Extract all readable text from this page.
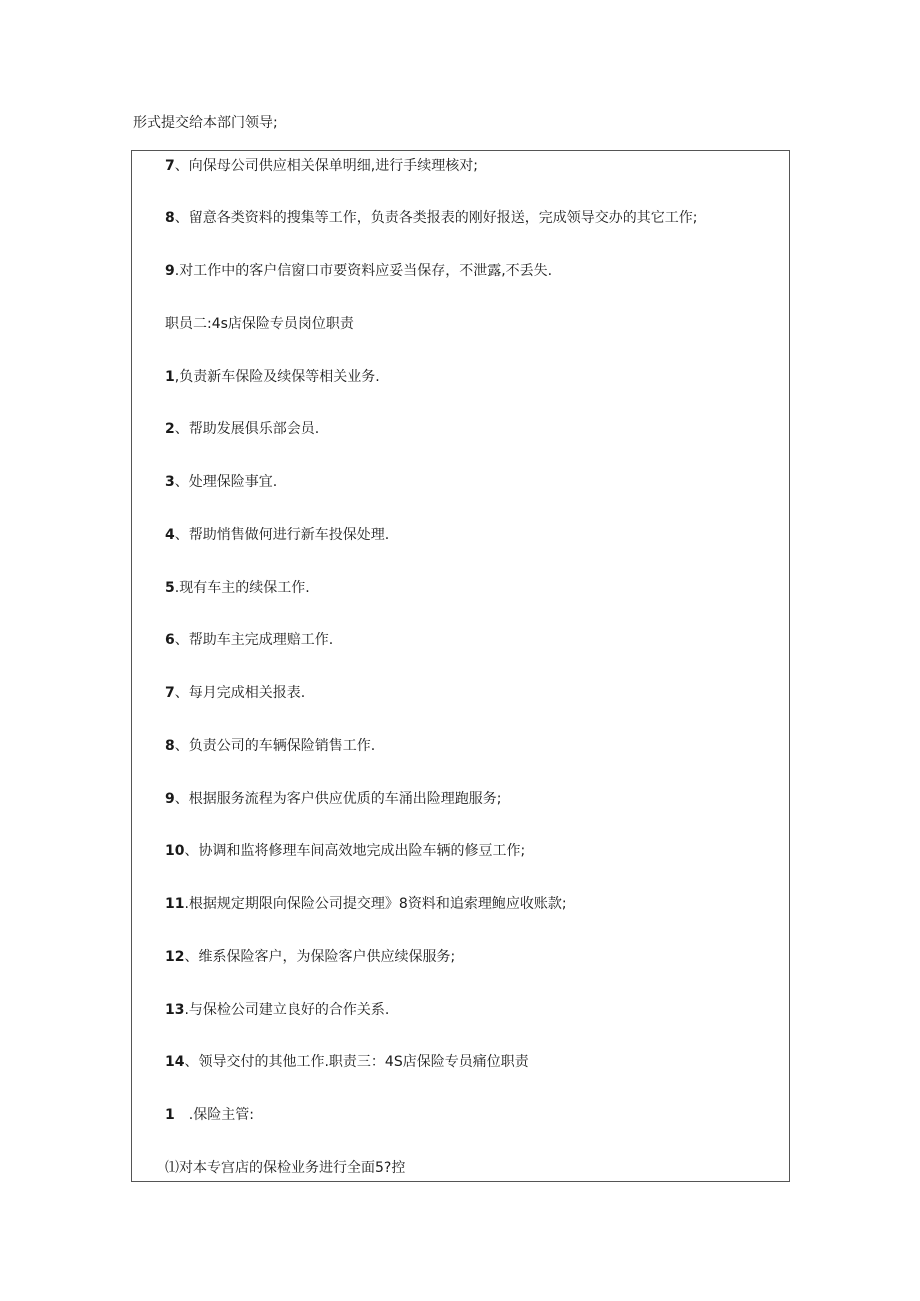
形式提交给本部门领导;
7、向保母公司供应相关保单明细,进行手续理核对;
8、留意各类资料的搜集等工作，负责各类报表的刚好报送，完成领导交办的其它工作;
9.对工作中的客户信窗口市要资料应妥当保存，不泄露,不丢失.
职员二:4s店保险专员岗位职责
1,负责新车保险及续保等相关业务.
2、帮助发展俱乐部会员.
3、处理保险事宜.
4、帮助悄售做何进行新车投保处理.
5.现有车主的续保工作.
6、帮助车主完成理赔工作.
7、每月完成相关报表.
8、负责公司的车辆保险销售工作.
9、根据服务流程为客户供应优质的车涌出险理跑服务;
10、协调和监将修理车间高效地完成出险车辆的修豆工作;
11.根据规定期限向保险公司提交理》8资料和追索理鲍应收账款;
12、维系保险客户，为保险客户供应续保服务;
13.与保检公司建立良好的合作关系.
14、领导交付的其他工作.职责三：4S店保险专员痛位职责
1　.保险主管:
⑴对本专宫店的保检业务进行全面5?控
